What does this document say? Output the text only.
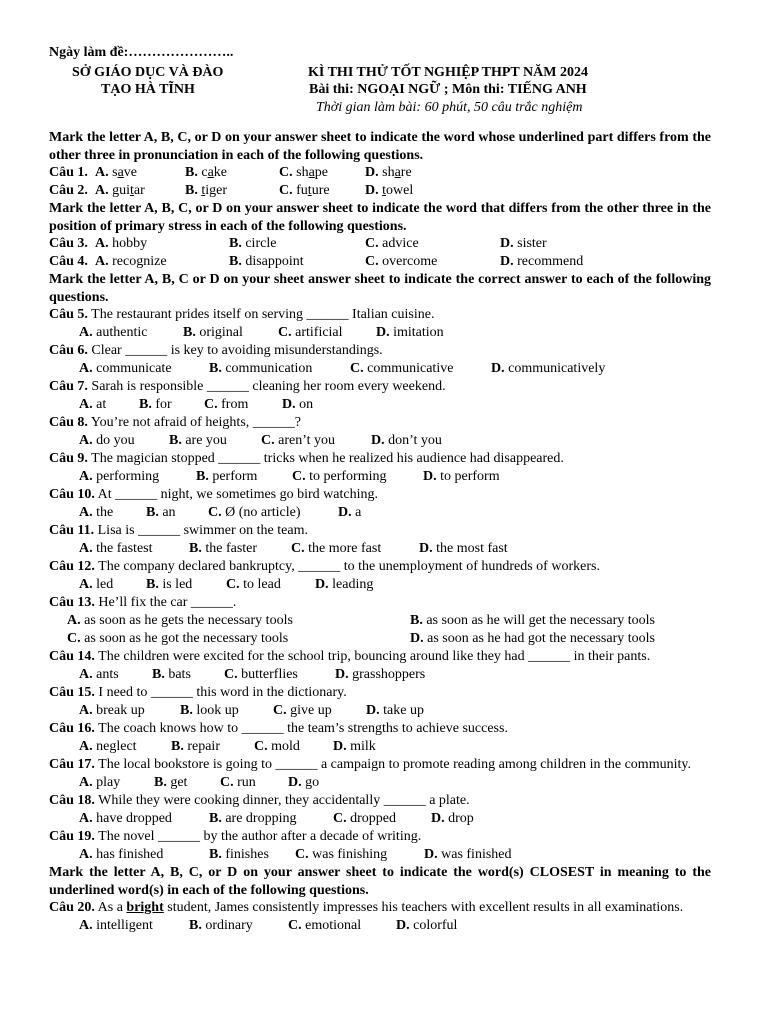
Ngày làm đề:…………………..
SỞ GIÁO DỤC VÀ ĐÀO
TẠO HÀ TĨNH
KÌ THI THỬ TỐT NGHIỆP THPT NĂM 2024
Bài thi: NGOẠI NGỮ ; Môn thi: TIẾNG ANH
Thời gian làm bài: 60 phút, 50 câu trắc nghiệm
Mark the letter A, B, C, or D on your answer sheet to indicate the word whose underlined part differs from the other three in pronunciation in each of the following questions.
Câu 1. A. save	B. cake	C. shape	D. share
Câu 2. A. guitar	B. tiger	C. future	D. towel
Mark the letter A, B, C, or D on your answer sheet to indicate the word that differs from the other three in the position of primary stress in each of the following questions.
Câu 3. A. hobby	B. circle	C. advice	D. sister
Câu 4. A. recognize	B. disappoint	C. overcome	D. recommend
Mark the letter A, B, C or D on your sheet answer sheet to indicate the correct answer to each of the following questions.
Câu 5. The restaurant prides itself on serving ______ Italian cuisine.
A. authentic	B. original	C. artificial D. imitation
Câu 6. Clear ______ is key to avoiding misunderstandings.
A. communicate	B. communication	C. communicative	D. communicatively
Câu 7. Sarah is responsible ______ cleaning her room every weekend.
A. at B. for C. from D. on
Câu 8. You’re not afraid of heights, ______?
A. do you B. are you C. aren’t you	D. don’t you
Câu 9. The magician stopped ______ tricks when he realized his audience had disappeared.
A. performing	B. perform C. to performing	D. to perform
Câu 10. At ______ night, we sometimes go bird watching.
A. the B. an C. Ø (no article)	D. a
Câu 11. Lisa is ______ swimmer on the team.
A. the fastest	B. the faster C. the more fast	D. the most fast
Câu 12. The company declared bankruptcy, ______ to the unemployment of hundreds of workers.
A. led B. is led C. to lead D. leading
Câu 13. He’ll fix the car ______.
A. as soon as he gets the necessary tools	B. as soon as he will get the necessary tools
C. as soon as he got the necessary tools	D. as soon as he had got the necessary tools
Câu 14. The children were excited for the school trip, bouncing around like they had ______ in their pants.
A. ants B. bats C. butterflies	D. grasshoppers
Câu 15. I need to ______ this word in the dictionary.
A. break up	B. look up C. give up D. take up
Câu 16. The coach knows how to ______ the team’s strengths to achieve success.
A. neglect B. repair C. mold D. milk
Câu 17. The local bookstore is going to ______ a campaign to promote reading among children in the community.
A. play B. get C. run D. go
Câu 18. While they were cooking dinner, they accidentally ______ a plate.
A. have dropped	B. are dropping	C. dropped D. drop
Câu 19. The novel ______ by the author after a decade of writing.
A. has finished	B. finishes C. was finishing	D. was finished
Mark the letter A, B, C, or D on your answer sheet to indicate the word(s) CLOSEST in meaning to the underlined word(s) in each of the following questions.
Câu 20. As a bright student, James consistently impresses his teachers with excellent results in all examinations.
A. intelligent	B. ordinary	C. emotional D. colorful
